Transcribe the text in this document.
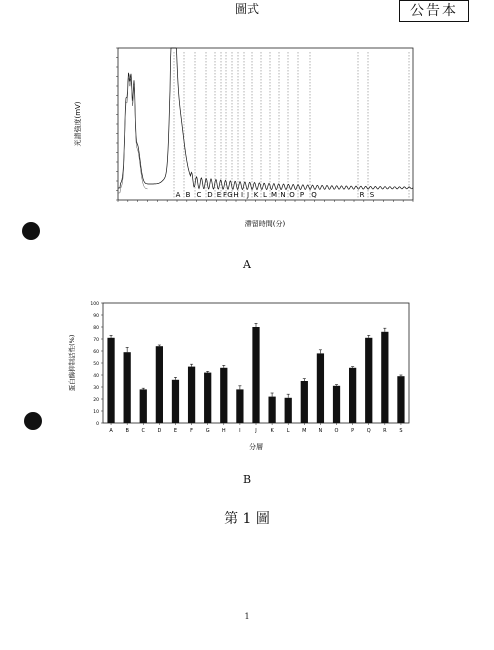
圖式	公告本
A B C D E F G H I J K L M N O P Q	R S
光譜強度(mV)
滯留時間(分)
A
0
10
20
30
40
50
60
70
80
90
100
A	B	C D	E	F	G H	I	J	K	L	M N O	P	Q R	S
蛋白酶抑制活性(%)
分層
B
第 1 圖
1
